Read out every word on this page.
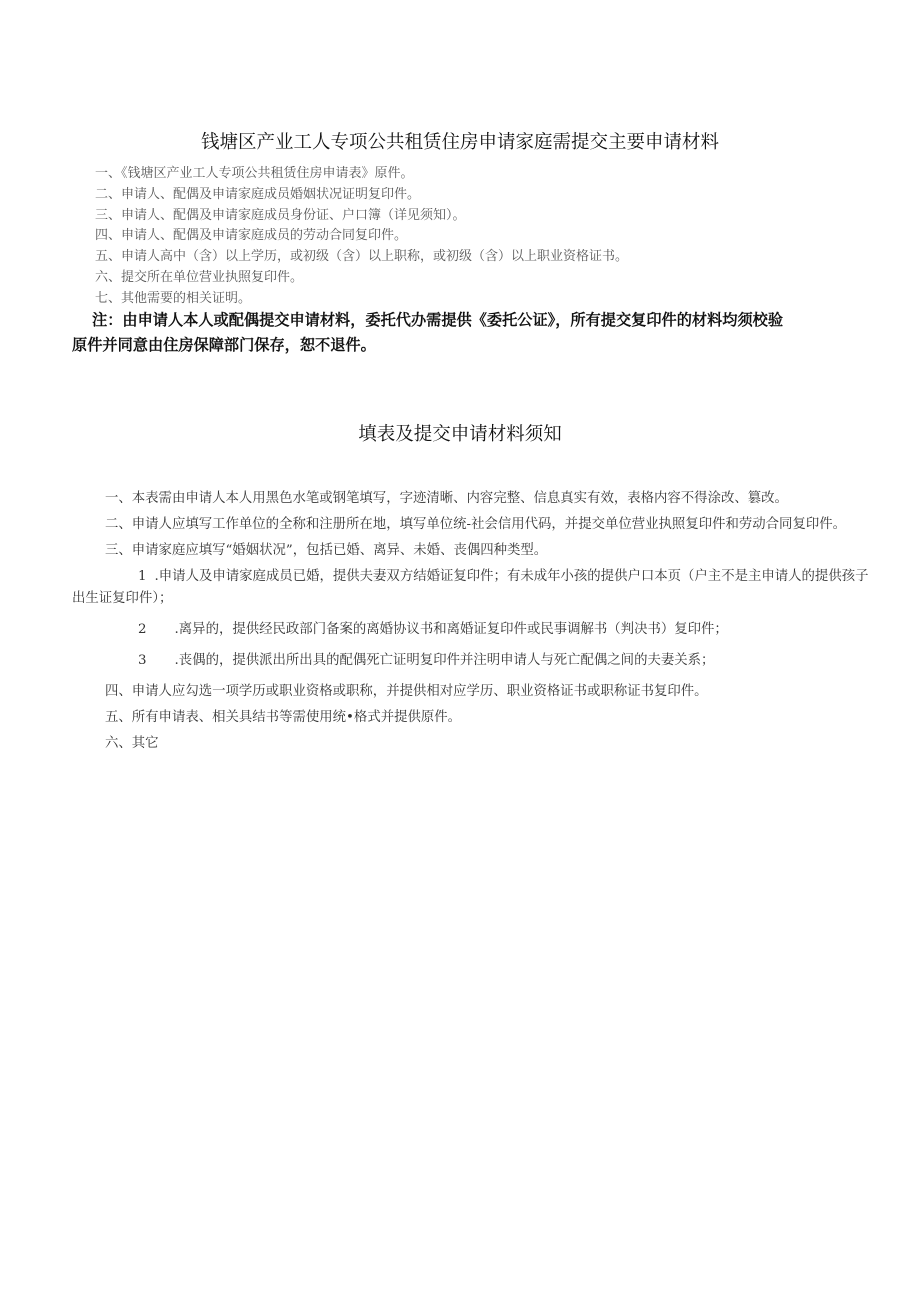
钱塘区产业工人专项公共租赁住房申请家庭需提交主要申请材料
一、《钱塘区产业工人专项公共租赁住房申请表》原件。
二、申请人、配偶及申请家庭成员婚姻状况证明复印件。
三、申请人、配偶及申请家庭成员身份证、户口簿（详见须知）。
四、申请人、配偶及申请家庭成员的劳动合同复印件。
五、申请人高中（含）以上学历，或初级（含）以上职称，或初级（含）以上职业资格证书。
六、提交所在单位营业执照复印件。
七、其他需要的相关证明。
注：由申请人本人或配偶提交申请材料，委托代办需提供《委托公证》，所有提交复印件的材料均须校验
原件并同意由住房保障部门保存，恕不退件。
填表及提交申请材料须知

一、本表需由申请人本人用黑色水笔或钢笔填写，字迹清晰、内容完整、信息真实有效，表格内容不得涂改、篡改。

二、申请人应填写工作单位的全称和注册所在地，填写单位统-社会信用代码，并提交单位营业执照复印件和劳动合同复印件。

三、申请家庭应填写“婚姻状况”，包括已婚、离异、未婚、丧偶四种类型。

1 .申请人及申请家庭成员已婚，提供夫妻双方结婚证复印件；有未成年小孩的提供户口本页（户主不是主申请人的提供孩子出生证复印件）；

2 .离异的，提供经民政部门备案的离婚协议书和离婚证复印件或民事调解书（判决书）复印件；

3 .丧偶的，提供派出所出具的配偶死亡证明复印件并注明申请人与死亡配偶之间的夫妻关系；

四、申请人应勾选一项学历或职业资格或职称，并提供相对应学历、职业资格证书或职称证书复印件。

五、所有申请表、相关具结书等需使用统•格式并提供原件。

六、其它
